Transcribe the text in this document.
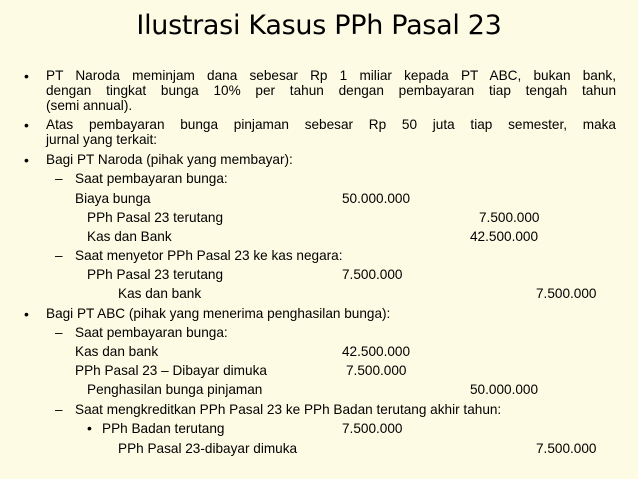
Ilustrasi Kasus PPh Pasal 23
• PT Naroda meminjam dana sebesar Rp 1 miliar kepada PT ABC, bukan bank,
dengan tingkat bunga 10% per tahun dengan pembayaran tiap tengah tahun
(semi annual).
• Atas pembayaran bunga pinjaman sebesar Rp 50 juta tiap semester, maka
jurnal yang terkait:
• Bagi PT Naroda (pihak yang membayar):
– Saat pembayaran bunga:
Biaya bunga	50.000.000
PPh Pasal 23 terutang	7.500.000
Kas dan Bank	42.500.000
– Saat menyetor PPh Pasal 23 ke kas negara:
PPh Pasal 23 terutang	7.500.000
Kas dan bank	7.500.000
• Bagi PT ABC (pihak yang menerima penghasilan bunga):
– Saat pembayaran bunga:
Kas dan bank	42.500.000
PPh Pasal 23 – Dibayar dimuka	7.500.000
Penghasilan bunga pinjaman	50.000.000
– Saat mengkreditkan PPh Pasal 23 ke PPh Badan terutang akhir tahun:
• PPh Badan terutang	7.500.000
PPh Pasal 23-dibayar dimuka	7.500.000
